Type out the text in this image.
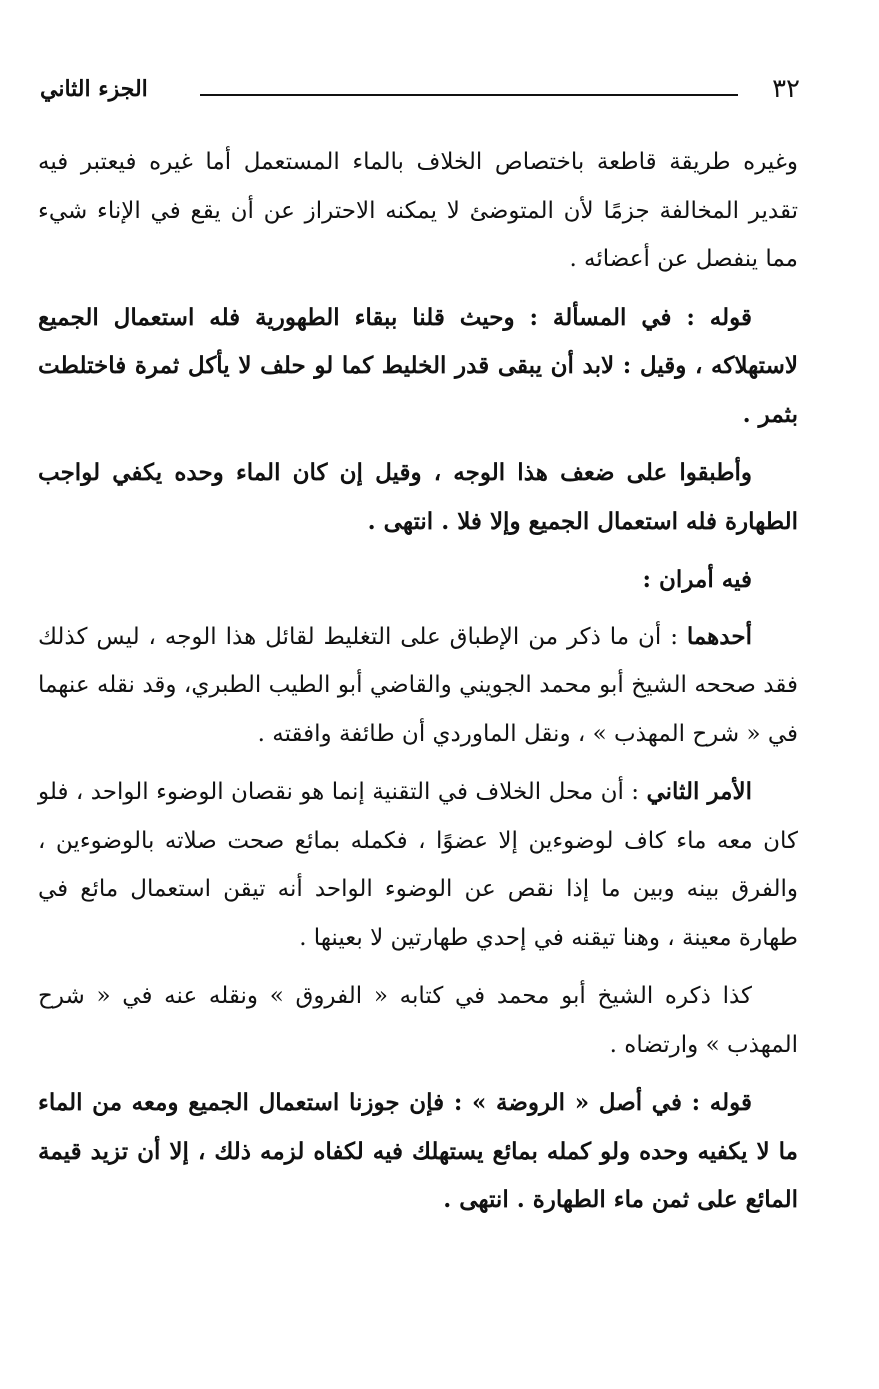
٣٢
الجزء الثاني

وغيره طريقة قاطعة باختصاص الخلاف بالماء المستعمل أما غيره فيعتبر فيه تقدير المخالفة جزمًا لأن المتوضئ لا يمكنه الاحتراز عن أن يقع في الإناء شيء مما ينفصل عن أعضائه .

قوله : في المسألة : وحيث قلنا ببقاء الطهورية فله استعمال الجميع لاستهلاكه ، وقيل : لابد أن يبقى قدر الخليط كما لو حلف لا يأكل ثمرة فاختلطت بثمر .

وأطبقوا على ضعف هذا الوجه ، وقيل إن كان الماء وحده يكفي لواجب الطهارة فله استعمال الجميع وإلا فلا . انتهى .

فيه أمران :

أحدهما : أن ما ذكر من الإطباق على التغليط لقائل هذا الوجه ، ليس كذلك فقد صححه الشيخ أبو محمد الجويني والقاضي أبو الطيب الطبري، وقد نقله عنهما في « شرح المهذب » ، ونقل الماوردي أن طائفة وافقته .

الأمر الثاني : أن محل الخلاف في التقنية إنما هو نقصان الوضوء الواحد ، فلو كان معه ماء كاف لوضوءين إلا عضوًا ، فكمله بمائع صحت صلاته بالوضوءين ، والفرق بينه وبين ما إذا نقص عن الوضوء الواحد أنه تيقن استعمال مائع في طهارة معينة ، وهنا تيقنه في إحدي طهارتين لا بعينها .

كذا ذكره الشيخ أبو محمد في كتابه « الفروق » ونقله عنه في « شرح المهذب » وارتضاه .

قوله : في أصل « الروضة » : فإن جوزنا استعمال الجميع ومعه من الماء ما لا يكفيه وحده ولو كمله بمائع يستهلك فيه لكفاه لزمه ذلك ، إلا أن تزيد قيمة المائع على ثمن ماء الطهارة . انتهى .
